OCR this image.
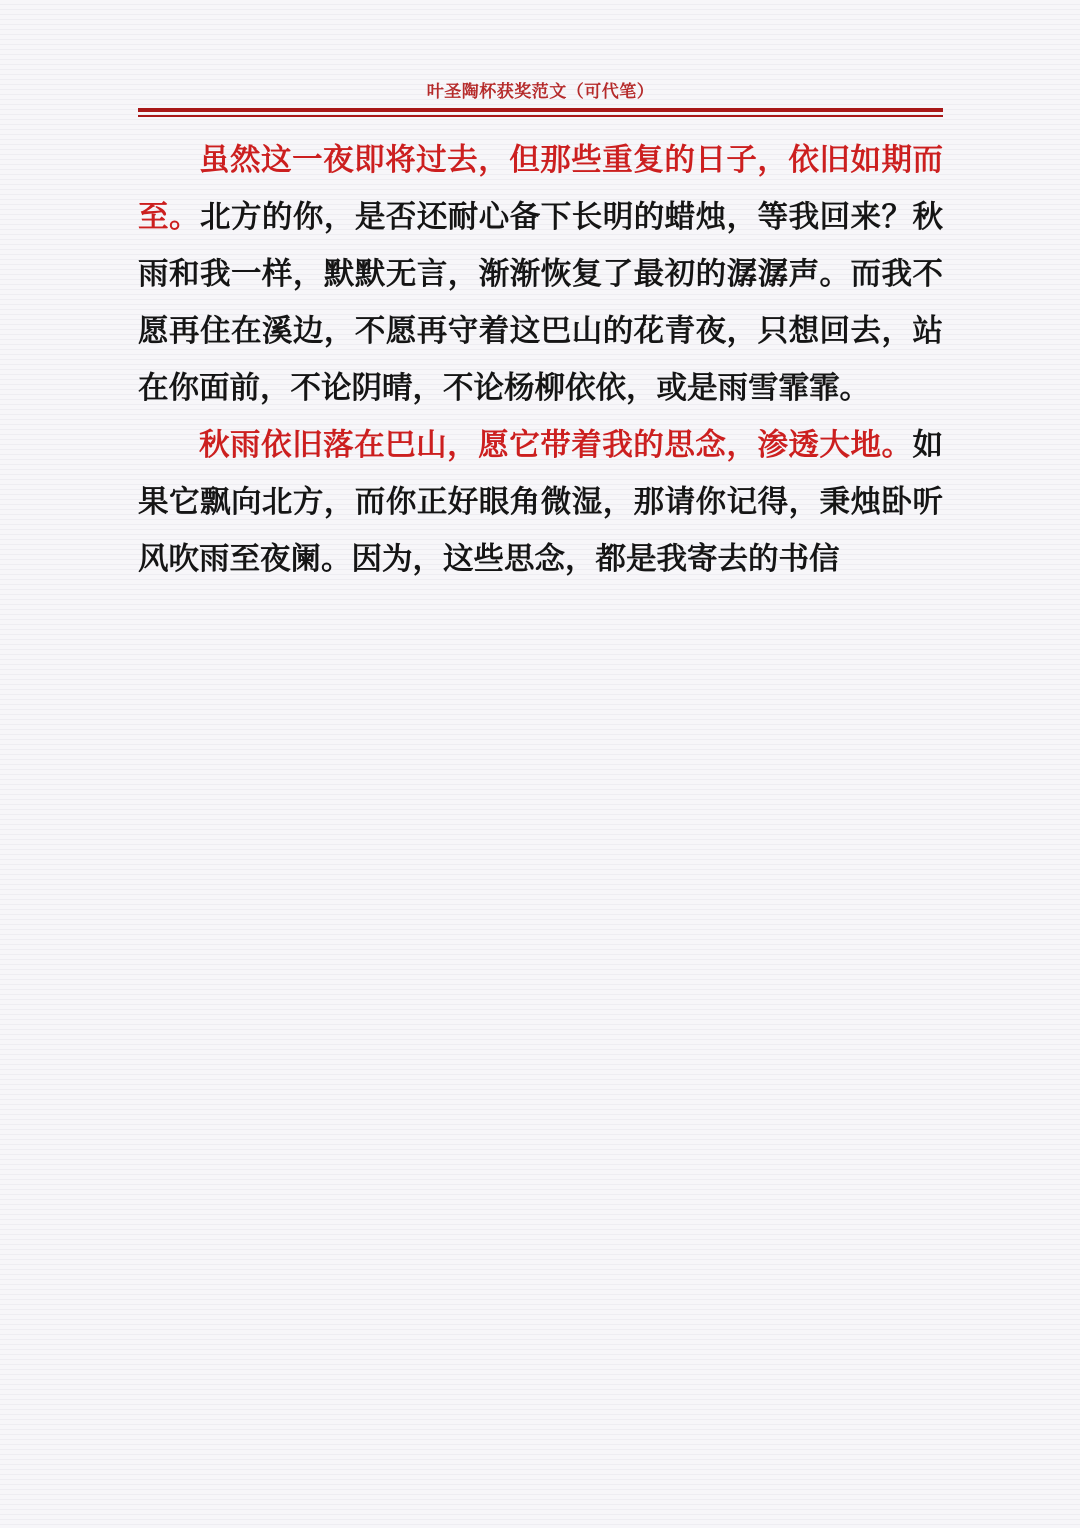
叶圣陶杯获奖范文（可代笔）

虽然这一夜即将过去，但那些重复的日子，依旧如期而至。北方的你，是否还耐心备下长明的蜡烛，等我回来？秋雨和我一样，默默无言，渐渐恢复了最初的潺潺声。而我不愿再住在溪边，不愿再守着这巴山的花青夜，只想回去，站在你面前，不论阴晴，不论杨柳依依，或是雨雪霏霏。

秋雨依旧落在巴山，愿它带着我的思念，渗透大地。如果它飘向北方，而你正好眼角微湿，那请你记得，秉烛卧听风吹雨至夜阑。因为，这些思念，都是我寄去的书信
